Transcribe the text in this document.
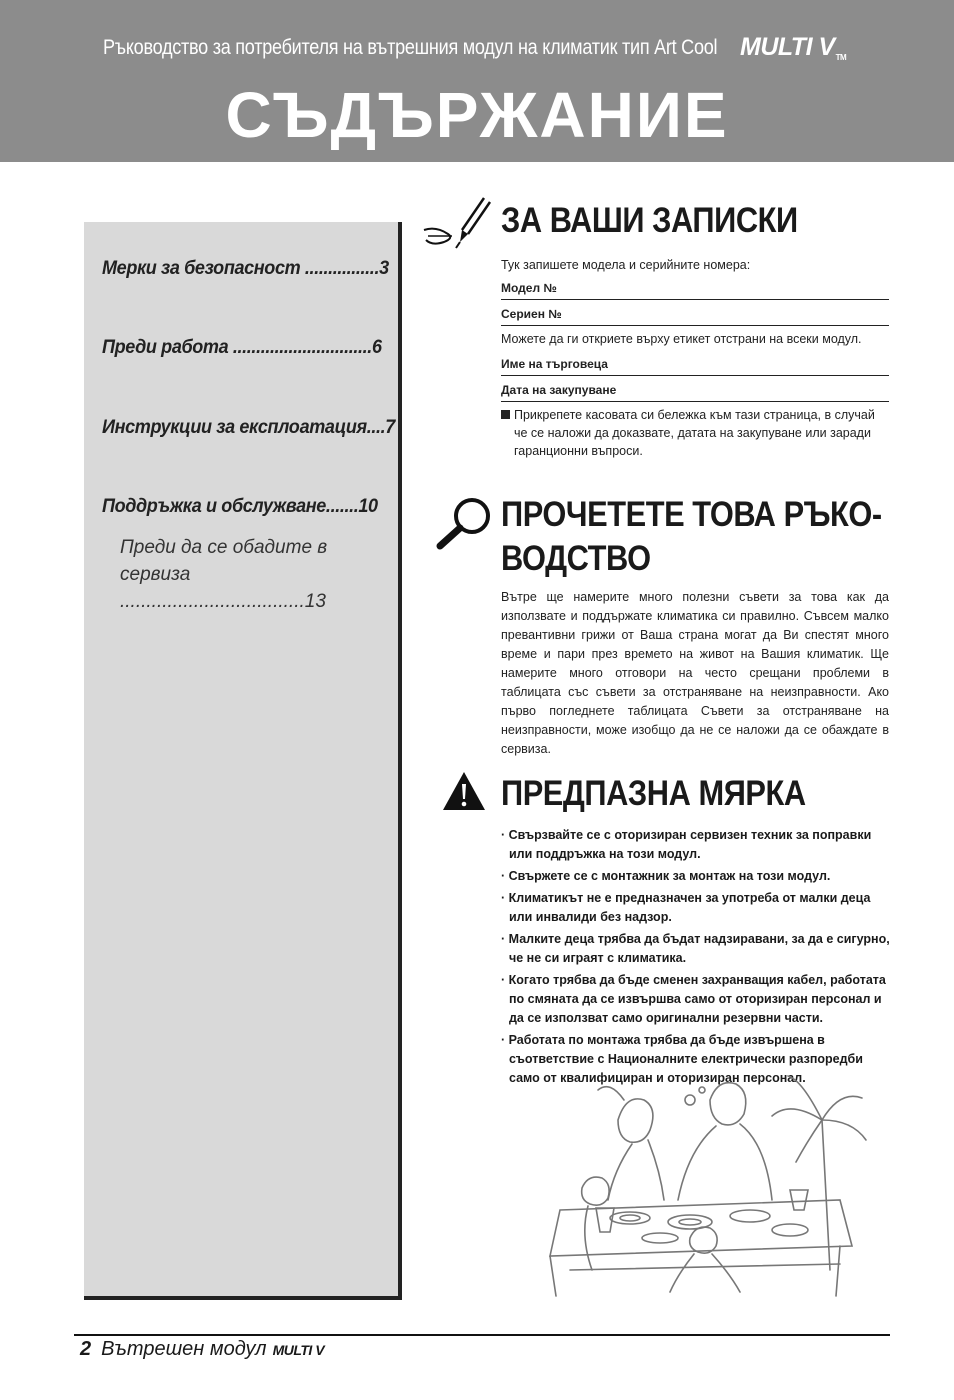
Ръководство за потребителя на вътрешния модул на климатик тип Art Cool MULTI VTM
СЪДЪРЖАНИЕ
Мерки за безопасност ................3
Преди работа ..............................6
Инструкции за експлоатация....7
Поддръжка и обслужване.......10
Преди да се обадите в
сервиза ...................................13
ЗА ВАШИ ЗАПИСКИ
Тук запишете модела и серийните номера:
Модел №
Сериен №
Можете да ги откриете върху етикет отстрани на всеки модул.
Име на търговеца
Дата на закупуване
Прикрепете касовата си бележка към тази страница, в случай
че се наложи да доказвате, датата на закупуване или заради гаранционни въпроси.
ПРОЧЕТЕТЕ ТОВА РЪКО-
ВОДСТВО
Вътре ще намерите много полезни съвети за това как да използвате и поддържате климатика си правилно. Съвсем малко превантивни грижи от Ваша страна могат да Ви спестят много време и пари през времето на живот на Вашия климатик. Ще намерите много отговори на често срещани проблеми в таблицата със съвети за отстраняване на неизправности. Ако първо погледнете таблицата Съвети за отстраняване на неизправности, може изобщо да не се наложи да се обаждате в сервиза.
ПРЕДПАЗНА МЯРКА
· Свързвайте се с оторизиран сервизен техник за поправки или поддръжка на този модул.
· Свържете се с монтажник за монтаж на този модул.
· Климатикът не е предназначен за употреба от малки деца или инвалиди без надзор.
· Малките деца трябва да бъдат надзиравани, за да е сигурно, че не си играят с климатика.
· Когато трябва да бъде сменен захранващия кабел, работата по смяната да се извършва само от оторизиран персонал и да се използват само оригинални резервни части.
· Работата по монтажа трябва да бъде извършена в съответствие с Националните електрически разпоредби само от квалифициран и оторизиран персонал.
2 Вътрешен модул MULTI V
